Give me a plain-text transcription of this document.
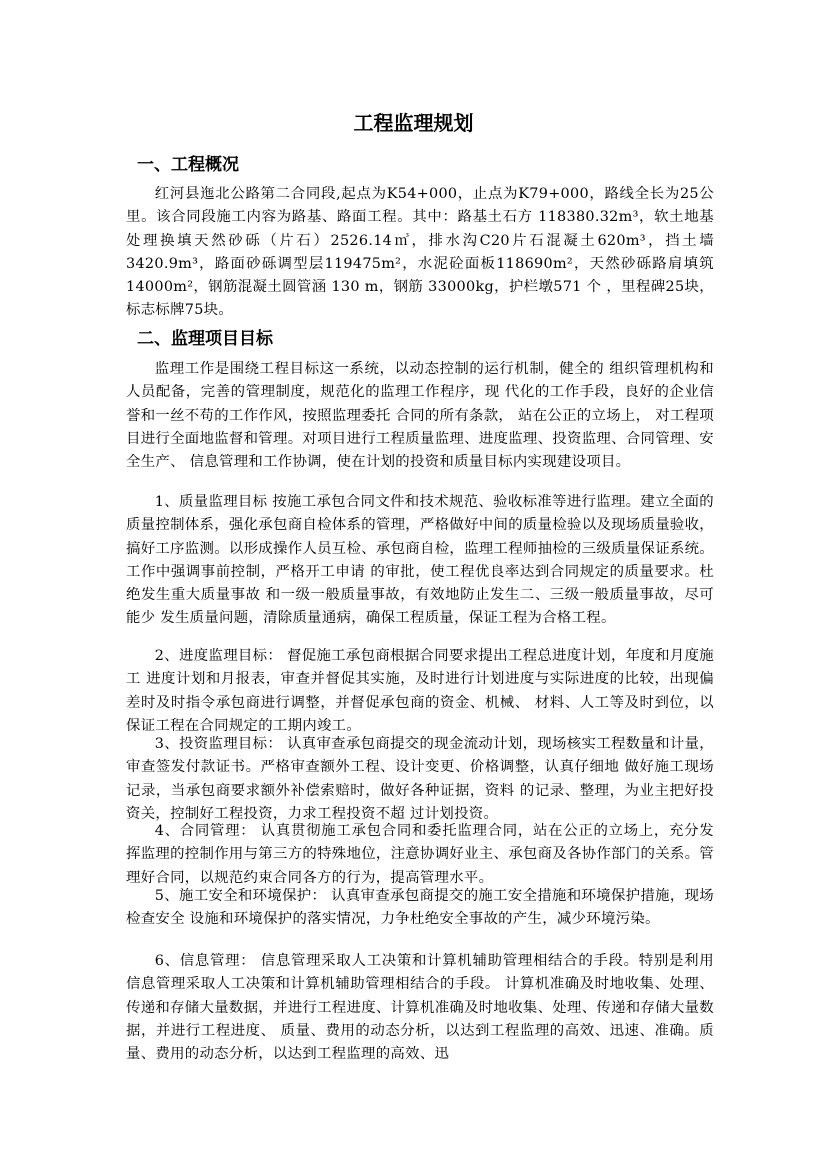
工程监理规划
一、工程概况
红河县迤北公路第二合同段,起点为K54+000，止点为K79+000，路线全长为25公里。该合同段施工内容为路基、路面工程。其中：路基土石方 118380.32m³，软土地基处理换填天然砂砾（片石）2526.14㎥，排水沟C20片石混凝土620m³，挡土墙3420.9m³，路面砂砾调型层119475m²，水泥砼面板118690m²，天然砂砾路肩填筑14000m²，钢筋混凝土圆管涵 130 m，钢筋 33000kg，护栏墩571 个 ，里程碑25块，标志标牌75块。
二、监理项目目标
监理工作是围绕工程目标这一系统，以动态控制的运行机制，健全的 组织管理机构和人员配备，完善的管理制度，规范化的监理工作程序，现 代化的工作手段，良好的企业信誉和一丝不苟的工作作风，按照监理委托 合同的所有条款， 站在公正的立场上， 对工程项目进行全面地监督和管理。对项目进行工程质量监理、进度监理、投资监理、合同管理、安全生产、 信息管理和工作协调，使在计划的投资和质量目标内实现建设项目。
1、质量监理目标 按施工承包合同文件和技术规范、验收标准等进行监理。建立全面的 质量控制体系，强化承包商自检体系的管理，严格做好中间的质量检验以及现场质量验收，搞好工序监测。以形成操作人员互检、承包商自检，监理工程师抽检的三级质量保证系统。工作中强调事前控制，严格开工申请 的审批，使工程优良率达到合同规定的质量要求。杜绝发生重大质量事故 和一级一般质量事故，有效地防止发生二、三级一般质量事故，尽可能少 发生质量问题，清除质量通病，确保工程质量，保证工程为合格工程。
2、进度监理目标： 督促施工承包商根据合同要求提出工程总进度计划，年度和月度施工 进度计划和月报表，审查并督促其实施，及时进行计划进度与实际进度的比较，出现偏差时及时指令承包商进行调整，并督促承包商的资金、机械、 材料、人工等及时到位，以保证工程在合同规定的工期内竣工。
3、投资监理目标： 认真审查承包商提交的现金流动计划，现场核实工程数量和计量，审查签发付款证书。严格审查额外工程、设计变更、价格调整，认真仔细地 做好施工现场记录，当承包商要求额外补偿索赔时，做好各种证据，资料 的记录、整理，为业主把好投资关，控制好工程投资，力求工程投资不超 过计划投资。
4、合同管理： 认真贯彻施工承包合同和委托监理合同，站在公正的立场上，充分发 挥监理的控制作用与第三方的特殊地位，注意协调好业主、承包商及各协作部门的关系。管理好合同，以规范约束合同各方的行为，提高管理水平。
5、施工安全和环境保护： 认真审查承包商提交的施工安全措施和环境保护措施，现场检查安全 设施和环境保护的落实情况，力争杜绝安全事故的产生，减少环境污染。
6、信息管理： 信息管理采取人工决策和计算机辅助管理相结合的手段。特别是利用 信息管理采取人工决策和计算机辅助管理相结合的手段。 计算机准确及时地收集、处理、传递和存储大量数据，并进行工程进度、计算机准确及时地收集、处理、传递和存储大量数据，并进行工程进度、 质量、费用的动态分析，以达到工程监理的高效、迅速、准确。质量、费用的动态分析，以达到工程监理的高效、迅
